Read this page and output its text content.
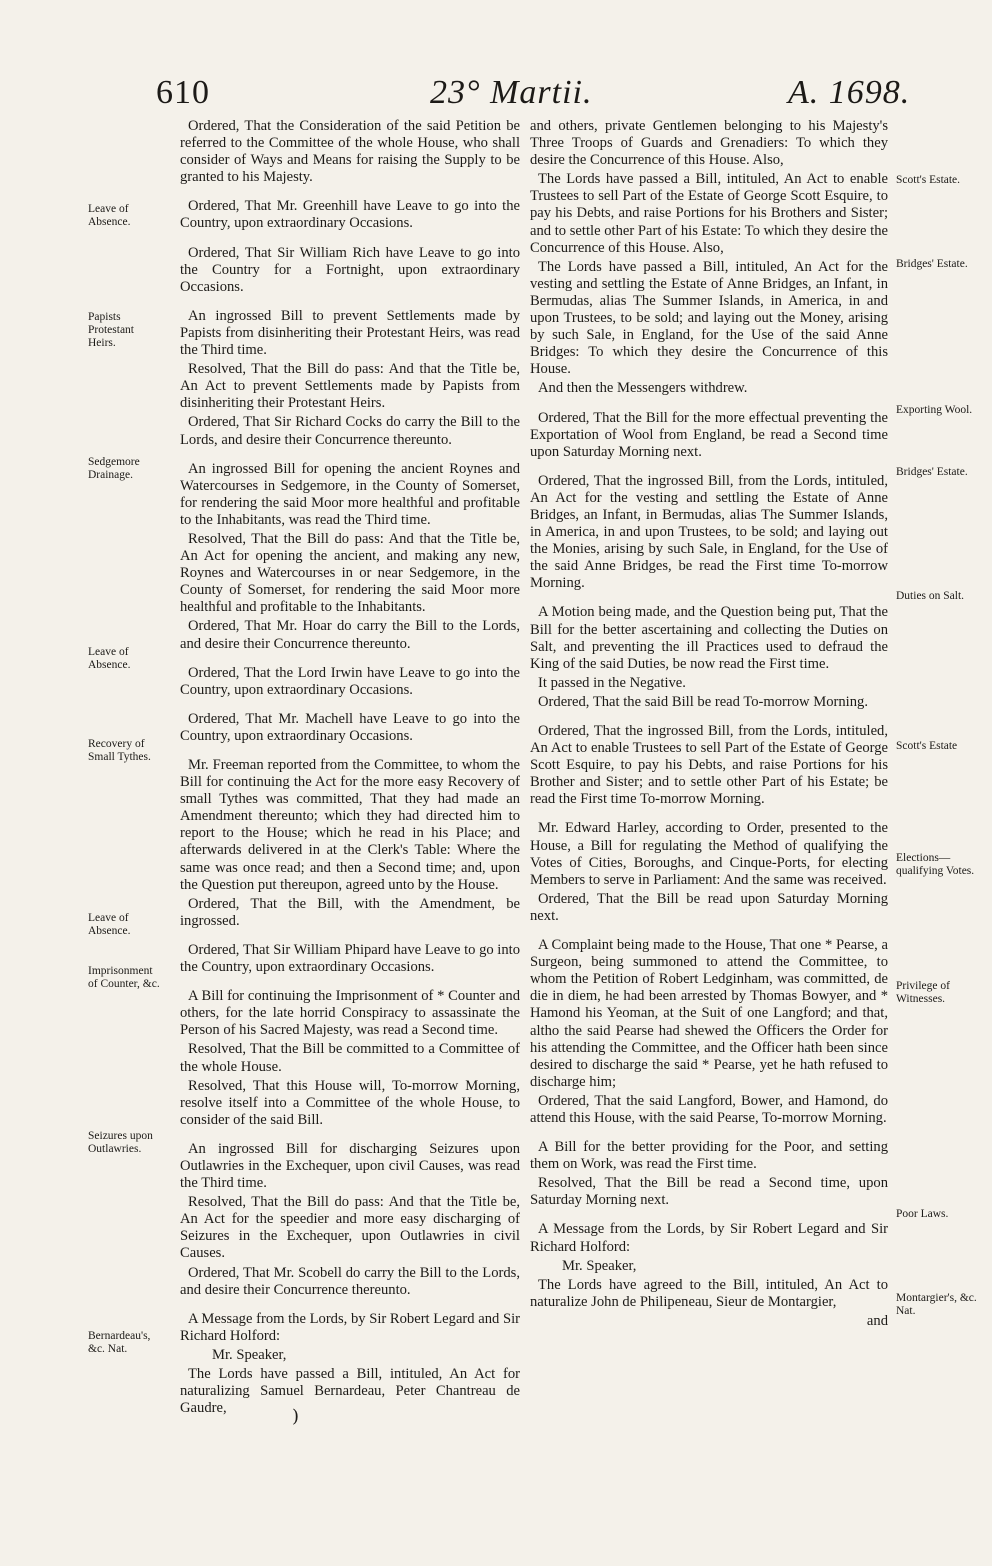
610	23° Martii.	A. 1698.
Leave of Absence.
Papists Protestant Heirs.
Sedgemore Drainage.
Leave of Absence.
Recovery of Small Tythes.
Leave of Absence.
Imprisonment of Counter, &c.
Seizures upon Outlawries.
Bernardeau's, &c. Nat.
Scott's Estate.
Bridges' Estate.
Exporting Wool.
Bridges' Estate.
Duties on Salt.
Scott's Estate
Elections—qualifying Votes.
Privilege of Witnesses.
Poor Laws.
Montargier's, &c. Nat.

Ordered, That the Consideration of the said Petition be referred to the Committee of the whole House, who shall consider of Ways and Means for raising the Supply to be granted to his Majesty.

Ordered, That Mr. Greenhill have Leave to go into the Country, upon extraordinary Occasions.

Ordered, That Sir William Rich have Leave to go into the Country for a Fortnight, upon extraordinary Occasions.

An ingrossed Bill to prevent Settlements made by Papists from disinheriting their Protestant Heirs, was read the Third time.

Resolved, That the Bill do pass: And that the Title be, An Act to prevent Settlements made by Papists from disinheriting their Protestant Heirs.

Ordered, That Sir Richard Cocks do carry the Bill to the Lords, and desire their Concurrence thereunto.

An ingrossed Bill for opening the ancient Roynes and Watercourses in Sedgemore, in the County of Somerset, for rendering the said Moor more healthful and profitable to the Inhabitants, was read the Third time.

Resolved, That the Bill do pass: And that the Title be, An Act for opening the ancient, and making any new, Roynes and Watercourses in or near Sedgemore, in the County of Somerset, for rendering the said Moor more healthful and profitable to the Inhabitants.

Ordered, That Mr. Hoar do carry the Bill to the Lords, and desire their Concurrence thereunto.

Ordered, That the Lord Irwin have Leave to go into the Country, upon extraordinary Occasions.

Ordered, That Mr. Machell have Leave to go into the Country, upon extraordinary Occasions.

Mr. Freeman reported from the Committee, to whom the Bill for continuing the Act for the more easy Recovery of small Tythes was committed, That they had made an Amendment thereunto; which they had directed him to report to the House; which he read in his Place; and afterwards delivered in at the Clerk's Table: Where the same was once read; and then a Second time; and, upon the Question put thereupon, agreed unto by the House.

Ordered, That the Bill, with the Amendment, be ingrossed.

Ordered, That Sir William Phipard have Leave to go into the Country, upon extraordinary Occasions.

A Bill for continuing the Imprisonment of * Counter and others, for the late horrid Conspiracy to assassinate the Person of his Sacred Majesty, was read a Second time.

Resolved, That the Bill be committed to a Committee of the whole House.

Resolved, That this House will, To-morrow Morning, resolve itself into a Committee of the whole House, to consider of the said Bill.

An ingrossed Bill for discharging Seizures upon Outlawries in the Exchequer, upon civil Causes, was read the Third time.

Resolved, That the Bill do pass: And that the Title be, An Act for the speedier and more easy discharging of Seizures in the Exchequer, upon Outlawries in civil Causes.

Ordered, That Mr. Scobell do carry the Bill to the Lords, and desire their Concurrence thereunto.

A Message from the Lords, by Sir Robert Legard and Sir Richard Holford:

Mr. Speaker,

The Lords have passed a Bill, intituled, An Act for naturalizing Samuel Bernardeau, Peter Chantreau de Gaudre,

and others, private Gentlemen belonging to his Majesty's Three Troops of Guards and Grenadiers: To which they desire the Concurrence of this House. Also,

The Lords have passed a Bill, intituled, An Act to enable Trustees to sell Part of the Estate of George Scott Esquire, to pay his Debts, and raise Portions for his Brothers and Sister; and to settle other Part of his Estate: To which they desire the Concurrence of this House. Also,

The Lords have passed a Bill, intituled, An Act for the vesting and settling the Estate of Anne Bridges, an Infant, in Bermudas, alias The Summer Islands, in America, in and upon Trustees, to be sold; and laying out the Money, arising by such Sale, in England, for the Use of the said Anne Bridges: To which they desire the Concurrence of this House.

And then the Messengers withdrew.

Ordered, That the Bill for the more effectual preventing the Exportation of Wool from England, be read a Second time upon Saturday Morning next.

Ordered, That the ingrossed Bill, from the Lords, intituled, An Act for the vesting and settling the Estate of Anne Bridges, an Infant, in Bermudas, alias The Summer Islands, in America, in and upon Trustees, to be sold; and laying out the Monies, arising by such Sale, in England, for the Use of the said Anne Bridges, be read the First time To-morrow Morning.

A Motion being made, and the Question being put, That the Bill for the better ascertaining and collecting the Duties on Salt, and preventing the ill Practices used to defraud the King of the said Duties, be now read the First time.

It passed in the Negative.

Ordered, That the said Bill be read To-morrow Morning.

Ordered, That the ingrossed Bill, from the Lords, intituled, An Act to enable Trustees to sell Part of the Estate of George Scott Esquire, to pay his Debts, and raise Portions for his Brother and Sister; and to settle other Part of his Estate; be read the First time To-morrow Morning.

Mr. Edward Harley, according to Order, presented to the House, a Bill for regulating the Method of qualifying the Votes of Cities, Boroughs, and Cinque-Ports, for electing Members to serve in Parliament: And the same was received.

Ordered, That the Bill be read upon Saturday Morning next.

A Complaint being made to the House, That one * Pearse, a Surgeon, being summoned to attend the Committee, to whom the Petition of Robert Ledginham, was committed, de die in diem, he had been arrested by Thomas Bowyer, and * Hamond his Yeoman, at the Suit of one Langford; and that, altho the said Pearse had shewed the Officers the Order for his attending the Committee, and the Officer hath been since desired to discharge the said * Pearse, yet he hath refused to discharge him;

Ordered, That the said Langford, Bower, and Hamond, do attend this House, with the said Pearse, To-morrow Morning.

A Bill for the better providing for the Poor, and setting them on Work, was read the First time.

Resolved, That the Bill be read a Second time, upon Saturday Morning next.

A Message from the Lords, by Sir Robert Legard and Sir Richard Holford:

Mr. Speaker,

The Lords have agreed to the Bill, intituled, An Act to naturalize John de Philipeneau, Sieur de Montargier,

and

)
